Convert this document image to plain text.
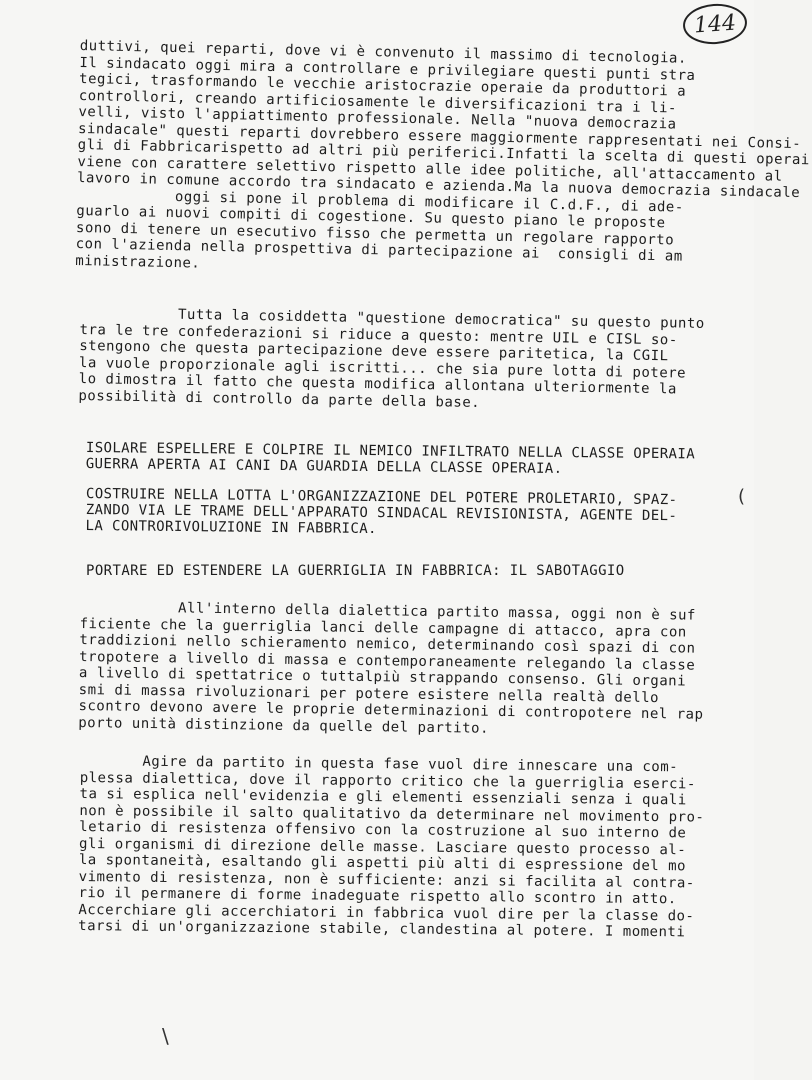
144
duttivi, quei reparti, dove vi è convenuto il massimo di tecnologia.
Il sindacato oggi mira a controllare e privilegiare questi punti stra
tegici, trasformando le vecchie aristocrazie operaie da produttori a
controllori, creando artificiosamente le diversificazioni tra i li-
velli, visto l'appiattimento professionale. Nella "nuova democrazia
sindacale" questi reparti dovrebbero essere maggiormente rappresentati nei Consi-
gli di Fabbricarispetto ad altri più periferici.Infatti la scelta di questi operai
viene con carattere selettivo rispetto alle idee politiche, all'attaccamento al
lavoro in comune accordo tra sindacato e azienda.Ma la nuova democrazia sindacale
oggi si pone il problema di modificare il C.d.F., di ade-
guarlo ai nuovi compiti di cogestione. Su questo piano le proposte
sono di tenere un esecutivo fisso che permetta un regolare rapporto
con l'azienda nella prospettiva di partecipazione ai  consigli di am
ministrazione.
Tutta la cosiddetta "questione democratica" su questo punto
tra le tre confederazioni si riduce a questo: mentre UIL e CISL so-
stengono che questa partecipazione deve essere paritetica, la CGIL
la vuole proporzionale agli iscritti... che sia pure lotta di potere
lo dimostra il fatto che questa modifica allontana ulteriormente la
possibilità di controllo da parte della base.
ISOLARE ESPELLERE E COLPIRE IL NEMICO INFILTRATO NELLA CLASSE OPERAIA
GUERRA APERTA AI CANI DA GUARDIA DELLA CLASSE OPERAIA.
COSTRUIRE NELLA LOTTA L'ORGANIZZAZIONE DEL POTERE PROLETARIO, SPAZ-
ZANDO VIA LE TRAME DELL'APPARATO SINDACAL REVISIONISTA, AGENTE DEL-
LA CONTRORIVOLUZIONE IN FABBRICA.
PORTARE ED ESTENDERE LA GUERRIGLIA IN FABBRICA: IL SABOTAGGIO
All'interno della dialettica partito massa, oggi non è suf
ficiente che la guerriglia lanci delle campagne di attacco, apra con
traddizioni nello schieramento nemico, determinando così spazi di con
tropotere a livello di massa e contemporaneamente relegando la classe
a livello di spettatrice o tuttalpiù strappando consenso. Gli organi
smi di massa rivoluzionari per potere esistere nella realtà dello
scontro devono avere le proprie determinazioni di contropotere nel rap
porto unità distinzione da quelle del partito.
Agire da partito in questa fase vuol dire innescare una com-
plessa dialettica, dove il rapporto critico che la guerriglia eserci-
ta si esplica nell'evidenzia e gli elementi essenziali senza i quali
non è possibile il salto qualitativo da determinare nel movimento pro-
letario di resistenza offensivo con la costruzione al suo interno de
gli organismi di direzione delle masse. Lasciare questo processo al-
la spontaneità, esaltando gli aspetti più alti di espressione del mo
vimento di resistenza, non è sufficiente: anzi si facilita al contra-
rio il permanere di forme inadeguate rispetto allo scontro in atto.
Accerchiare gli accerchiatori in fabbrica vuol dire per la classe do-
tarsi di un'organizzazione stabile, clandestina al potere. I momenti
(
\
